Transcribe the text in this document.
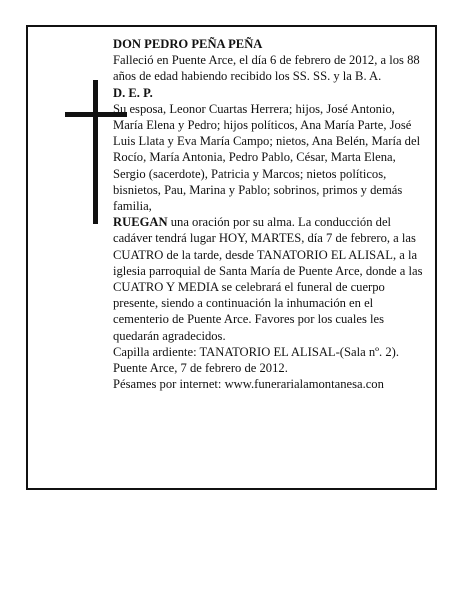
DON PEDRO PEÑA PEÑA

Falleció en Puente Arce, el día 6 de febrero de 2012, a los 88 años de edad habiendo recibido los SS. SS. y la B. A.

D. E. P.

Su esposa, Leonor Cuartas Herrera; hijos, José Antonio, María Elena y Pedro; hijos políticos, Ana María Parte, José Luis Llata y Eva María Campo; nietos, Ana Belén, María del Rocío, María Antonia, Pedro Pablo, César, Marta Elena, Sergio (sacerdote), Patricia y Marcos; nietos políticos, bisnietos, Pau, Marina y Pablo; sobrinos, primos y demás familia,

RUEGAN una oración por su alma. La conducción del cadáver tendrá lugar HOY, MARTES, día 7 de febrero, a las CUATRO de la tarde, desde TANATORIO EL ALISAL, a la iglesia parroquial de Santa María de Puente Arce, donde a las CUATRO Y MEDIA se celebrará el funeral de cuerpo presente, siendo a continuación la inhumación en el cementerio de Puente Arce. Favores por los cuales les quedarán agradecidos.

Capilla ardiente: TANATORIO EL ALISAL-(Sala nº. 2).

Puente Arce, 7 de febrero de 2012.

Pésames por internet: www.funerarialamontanesa.con
